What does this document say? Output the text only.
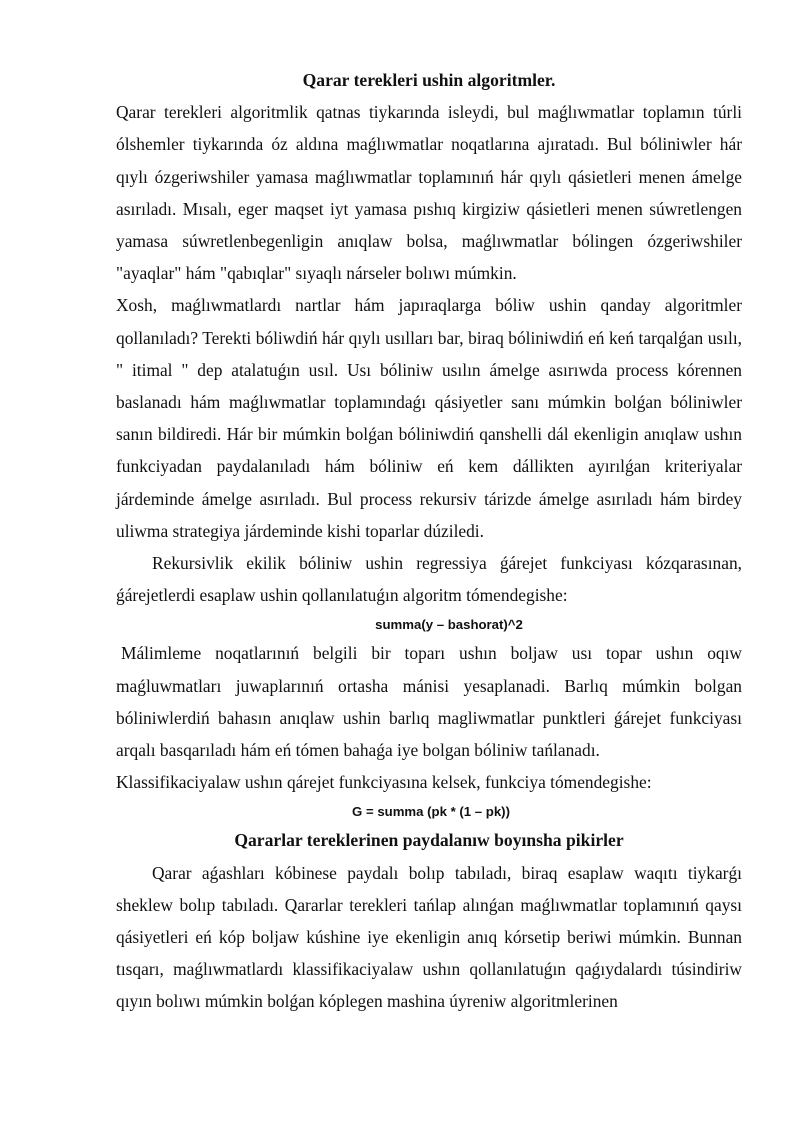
Qarar terekleri ushin algoritmler.

Qarar terekleri algoritmlik qatnas tiykarında isleydi, bul maǵlıwmatlar toplamın túrli ólshemler tiykarında óz aldına maǵlıwmatlar noqatlarına ajıratadı. Bul bóliniwler hár qıylı ózgeriwshiler yamasa maǵlıwmatlar toplamınıń hár qıylı qásietleri menen ámelge asırıladı. Mısalı, eger maqset iyt yamasa pıshıq kirgiziw qásietleri menen súwretlengen yamasa súwretlenbegenligin anıqlaw bolsa, maǵlıwmatlar bólingen ózgeriwshiler "ayaqlar" hám "qabıqlar" sıyaqlı nárseler bolıwı múmkin.

Xosh, maǵlıwmatlardı nartlar hám japıraqlarga bóliw ushin qanday algoritmler qollanıladı? Terekti bóliwdiń hár qıylı usılları bar, biraq bóliniwdiń eń keń tarqalǵan usılı, " itimal " dep atalatuǵın usıl. Usı bóliniw usılın ámelge asırıwda process kórennen baslanadı hám maǵlıwmatlar toplamındaǵı qásiyetler sanı múmkin bolǵan bóliniwler sanın bildiredi. Hár bir múmkin bolǵan bóliniwdiń qanshelli dál ekenligin anıqlaw ushın funkciyadan paydalanıladı hám bóliniw eń kem dállikten ayırılǵan kriteriyalar járdeminde ámelge asırıladı. Bul process rekursiv tárizde ámelge asırıladı hám birdey uliwma strategiya járdeminde kishi toparlar dúziledi.

Rekursivlik ekilik bóliniw ushin regressiya ǵárejet funkciyası kózqarasınan, ǵárejetlerdi esaplaw ushin qollanılatuǵın algoritm tómendegishe:

summa(y – bashorat)^2

Málimleme noqatlarınıń belgili bir toparı ushın boljaw usı topar ushın oqıw maǵluwmatları juwaplarınıń ortasha mánisi yesaplanadi. Barlıq múmkin bolgan bóliniwlerdiń bahasın anıqlaw ushin barlıq magliwmatlar punktleri ǵárejet funkciyası arqalı basqarıladı hám eń tómen bahaǵa iye bolgan bóliniw tańlanadı.

Klassifikaciyalaw ushın qárejet funkciyasına kelsek, funkciya tómendegishe:

G = summa (pk * (1 – pk))

Qararlar tereklerinen paydalanıw boyınsha pikirler

Qarar aǵashları kóbinese paydalı bolıp tabıladı, biraq esaplaw waqıtı tiykarǵı sheklew bolıp tabıladı. Qararlar terekleri tańlap alınǵan maǵlıwmatlar toplamınıń qaysı qásiyetleri eń kóp boljaw kúshine iye ekenligin anıq kórsetip beriwi múmkin. Bunnan tısqarı, maǵlıwmatlardı klassifikaciyalaw ushın qollanılatuǵın qaǵıydalardı túsindiriw qıyın bolıwı múmkin bolǵan kóplegen mashina úyreniw algoritmlerinen
